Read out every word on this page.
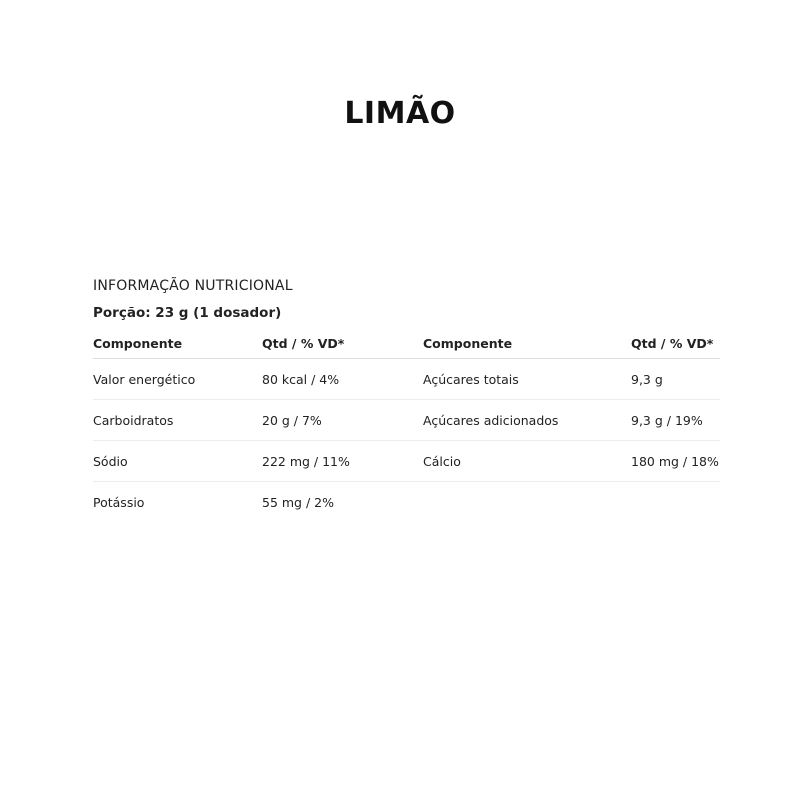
LIMÃO
INFORMAÇÃO NUTRICIONAL
Porção: 23 g (1 dosador)
Componente	Qtd / % VD*	Componente	Qtd / % VD*
Valor energético	80 kcal / 4%	Açúcares totais	9,3 g
Carboidratos	20 g / 7%	Açúcares adicionados	9,3 g / 19%
Sódio	222 mg / 11%	Cálcio	180 mg / 18%
Potássio	55 mg / 2%		
